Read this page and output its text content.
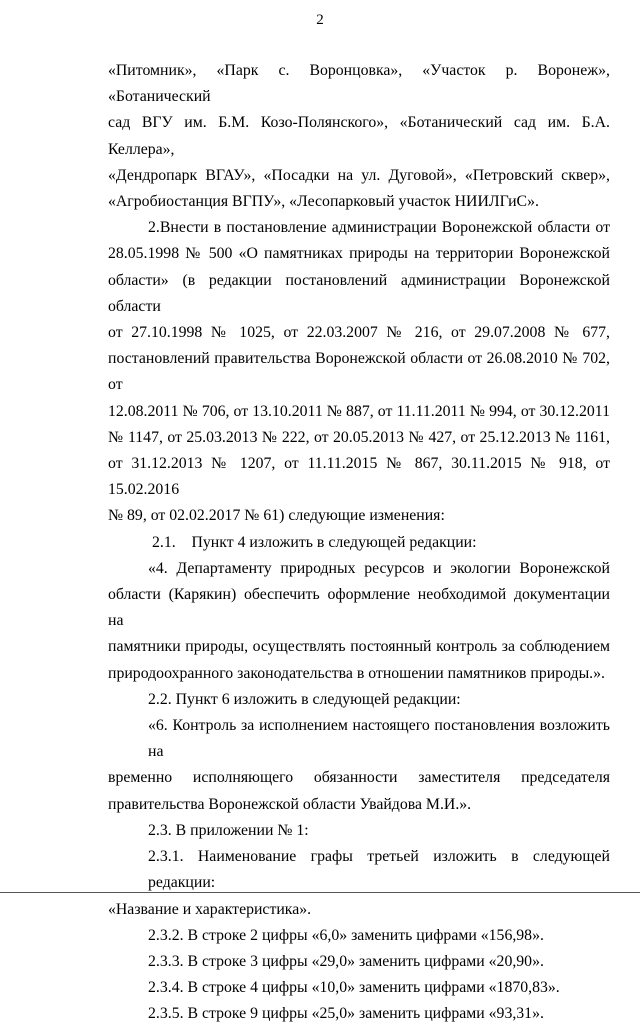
2
«Питомник», «Парк с. Воронцовка», «Участок р. Воронеж», «Ботанический
сад ВГУ им. Б.М. Козо-Полянского», «Ботанический сад им. Б.А. Келлера»,
«Дендропарк ВГАУ», «Посадки на ул. Дуговой», «Петровский сквер»,
«Агробиостанция ВГПУ», «Лесопарковый участок НИИЛГиС».
2.Внести в постановление администрации Воронежской области от
28.05.1998 № 500 «О памятниках природы на территории Воронежской
области» (в редакции постановлений администрации Воронежской области
от 27.10.1998 № 1025, от 22.03.2007 № 216, от 29.07.2008 № 677,
постановлений правительства Воронежской области от 26.08.2010 № 702, от
12.08.2011 № 706, от 13.10.2011 № 887, от 11.11.2011 № 994, от 30.12.2011
№ 1147, от 25.03.2013 № 222, от 20.05.2013 № 427, от 25.12.2013 № 1161,
от 31.12.2013 № 1207, от 11.11.2015 № 867, 30.11.2015 № 918, от 15.02.2016
№ 89, от 02.02.2017 № 61) следующие изменения:
2.1.    Пункт 4 изложить в следующей редакции:
«4. Департаменту природных ресурсов и экологии Воронежской
области (Карякин) обеспечить оформление необходимой документации на
памятники природы, осуществлять постоянный контроль за соблюдением
природоохранного законодательства в отношении памятников природы.».
2.2. Пункт 6 изложить в следующей редакции:
«6. Контроль за исполнением настоящего постановления возложить на
временно исполняющего обязанности заместителя председателя
правительства Воронежской области Увайдова М.И.».
2.3. В приложении № 1:
2.3.1. Наименование графы третьей изложить в следующей редакции:
«Название и характеристика».
2.3.2. В строке 2 цифры «6,0» заменить цифрами «156,98».
2.3.3. В строке 3 цифры «29,0» заменить цифрами «20,90».
2.3.4. В строке 4 цифры «10,0» заменить цифрами «1870,83».
2.3.5. В строке 9 цифры «25,0» заменить цифрами «93,31».
